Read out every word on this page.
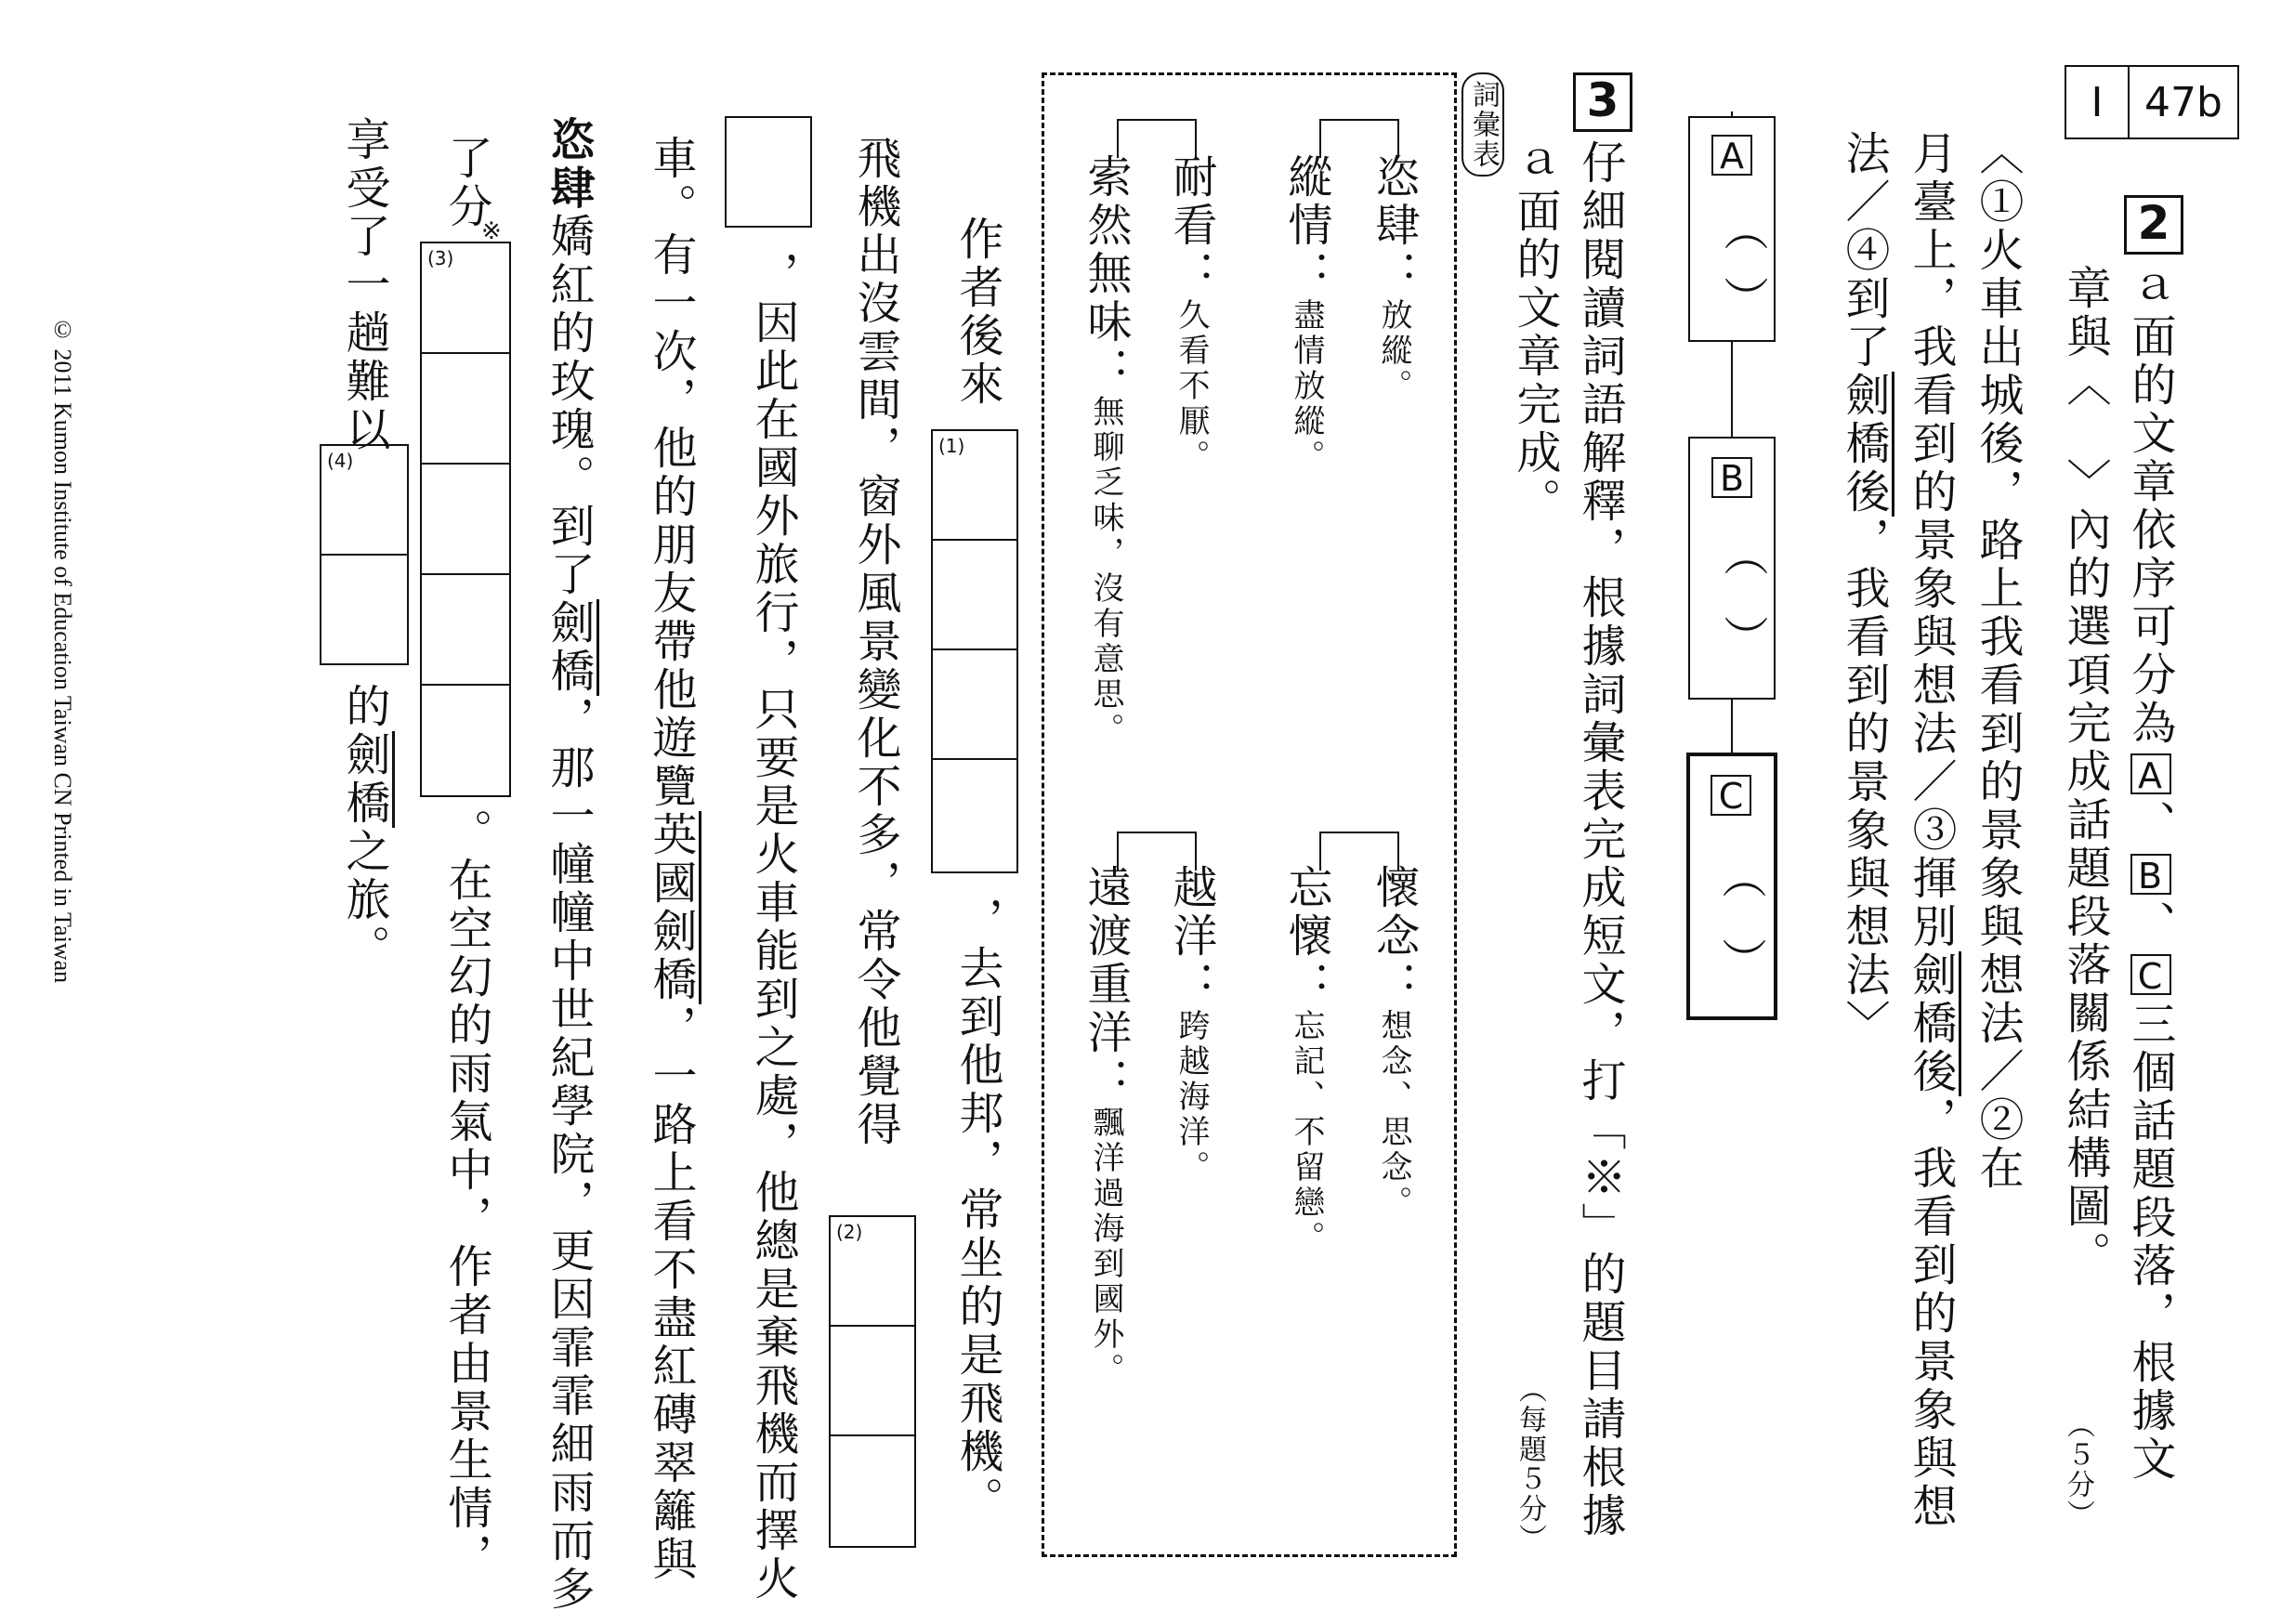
I	47b
2
ａ面的文章依序可分為A、B、C三個話題段落，根據文
章與〈　〉內的選項完成話題段落關係結構圖。
（５分）
〈①火車出城後，路上我看到的景象與想法／②在
月臺上，我看到的景象與想法／③揮別劍橋後，我看到的景象與想
法／④到了劍橋後，我看到的景象與想法〉
A
（
）
B
（
）
C
（
）
3
仔細閱讀詞語解釋，根據詞彙表完成短文，打「※」的題目請根據
ａ面的文章完成。
（每題５分）
詞彙表
恣肆：放縱。
縱情：盡情放縱。
耐看：久看不厭。
索然無味：無聊乏味，沒有意思。
懷念：想念、思念。
忘懷：忘記、不留戀。
越洋：跨越海洋。
遠渡重洋：飄洋過海到國外。
作者後來
(1)
，去到他邦，常坐的是飛機。
飛機出沒雲間，窗外風景變化不多，常令他覺得
(2)
，因此在國外旅行，只要是火車能到之處，他總是棄飛機而擇火
車。有一次，他的朋友帶他遊覽英國劍橋，一路上看不盡紅磚翠籬與
恣肆嬌紅的玫瑰。到了劍橋，那一幢幢中世紀學院，更因霏霏細雨而多
了分
※
(3)
。在空幻的雨氣中，作者由景生情，
享受了一趟難以
(4)
的劍橋之旅。
© 2011 Kumon Institute of Education Taiwan CN Printed in Taiwan
